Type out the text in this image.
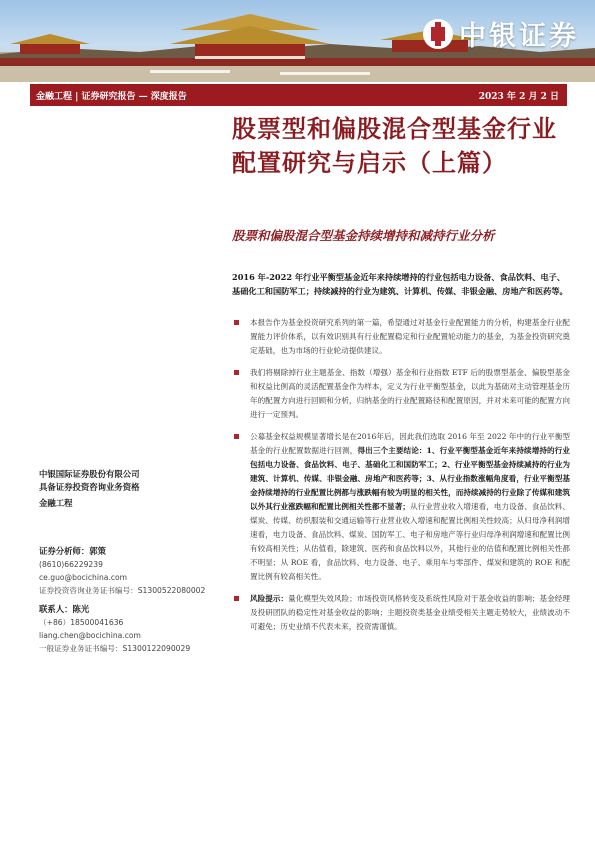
中银证券
金融工程 | 证券研究报告 — 深度报告	2023 年 2 月 2 日
股票型和偏股混合型基金行业配置研究与启示（上篇）
股票和偏股混合型基金持续增持和减持行业分析

2016 年-2022 年行业平衡型基金近年来持续增持的行业包括电力设备、食品饮料、电子、基础化工和国防军工；持续减持的行业为建筑、计算机、传媒、非银金融、房地产和医药等。

本报告作为基金投资研究系列的第一篇，希望通过对基金行业配置能力的分析，构建基金行业配置能力评价体系，以有效识别具有行业配置稳定和行业配置轮动能力的基金，为基金投资研究奠定基础，也为市场的行业轮动提供建议。
我们将剔除掉行业主题基金、指数（增强）基金和行业指数 ETF 后的股票型基金、偏股型基金和权益比例高的灵活配置基金作为样本，定义为行业平衡型基金，以此为基础对主动管理基金历年的配置方向进行回顾和分析，归纳基金的行业配置路径和配置原因，并对未来可能的配置方向进行一定预判。
公募基金权益规模显著增长是在2016年后，因此我们选取 2016 年至 2022 年中的行业平衡型基金的行业配置数据进行回测，得出三个主要结论：1、行业平衡型基金近年来持续增持的行业包括电力设备、食品饮料、电子、基础化工和国防军工；2、行业平衡型基金持续减持的行业为建筑、计算机、传媒、非银金融、房地产和医药等；3、从行业指数涨幅角度看，行业平衡型基金持续增持的行业配置比例都与涨跌幅有较为明显的相关性，而持续减持的行业除了传媒和建筑以外其行业涨跌幅和配置比例相关性都不显著；从行业营业收入增速看，电力设备、食品饮料、煤炭、传媒、纺织服装和交通运输等行业营业收入增速和配置比例相关性较高；从归母净利润增速看，电力设备、食品饮料、煤炭、国防军工、电子和房地产等行业归母净利润增速和配置比例有较高相关性；从估值看，除建筑、医药和食品饮料以外，其他行业的估值和配置比例相关性都不明显；从 ROE 看，食品饮料、电力设备、电子、乘用车与零部件、煤炭和建筑的 ROE 和配置比例有较高相关性。
风险提示：量化模型失效风险；市场投资风格转变及系统性风险对于基金收益的影响；基金经理及投研团队的稳定性对基金收益的影响；主题投资类基金业绩受相关主题走势较大，业绩波动不可避免；历史业绩不代表未来，投资需谨慎。
中银国际证券股份有限公司
具备证券投资咨询业务资格
金融工程
证券分析师：郭策
(8610)66229239
ce.guo@bocichina.com
证券投资咨询业务证书编号：S1300522080002
联系人：陈光
（+86）18500041636
liang.chen@bocichina.com
一般证券业务证书编号：S1300122090029
